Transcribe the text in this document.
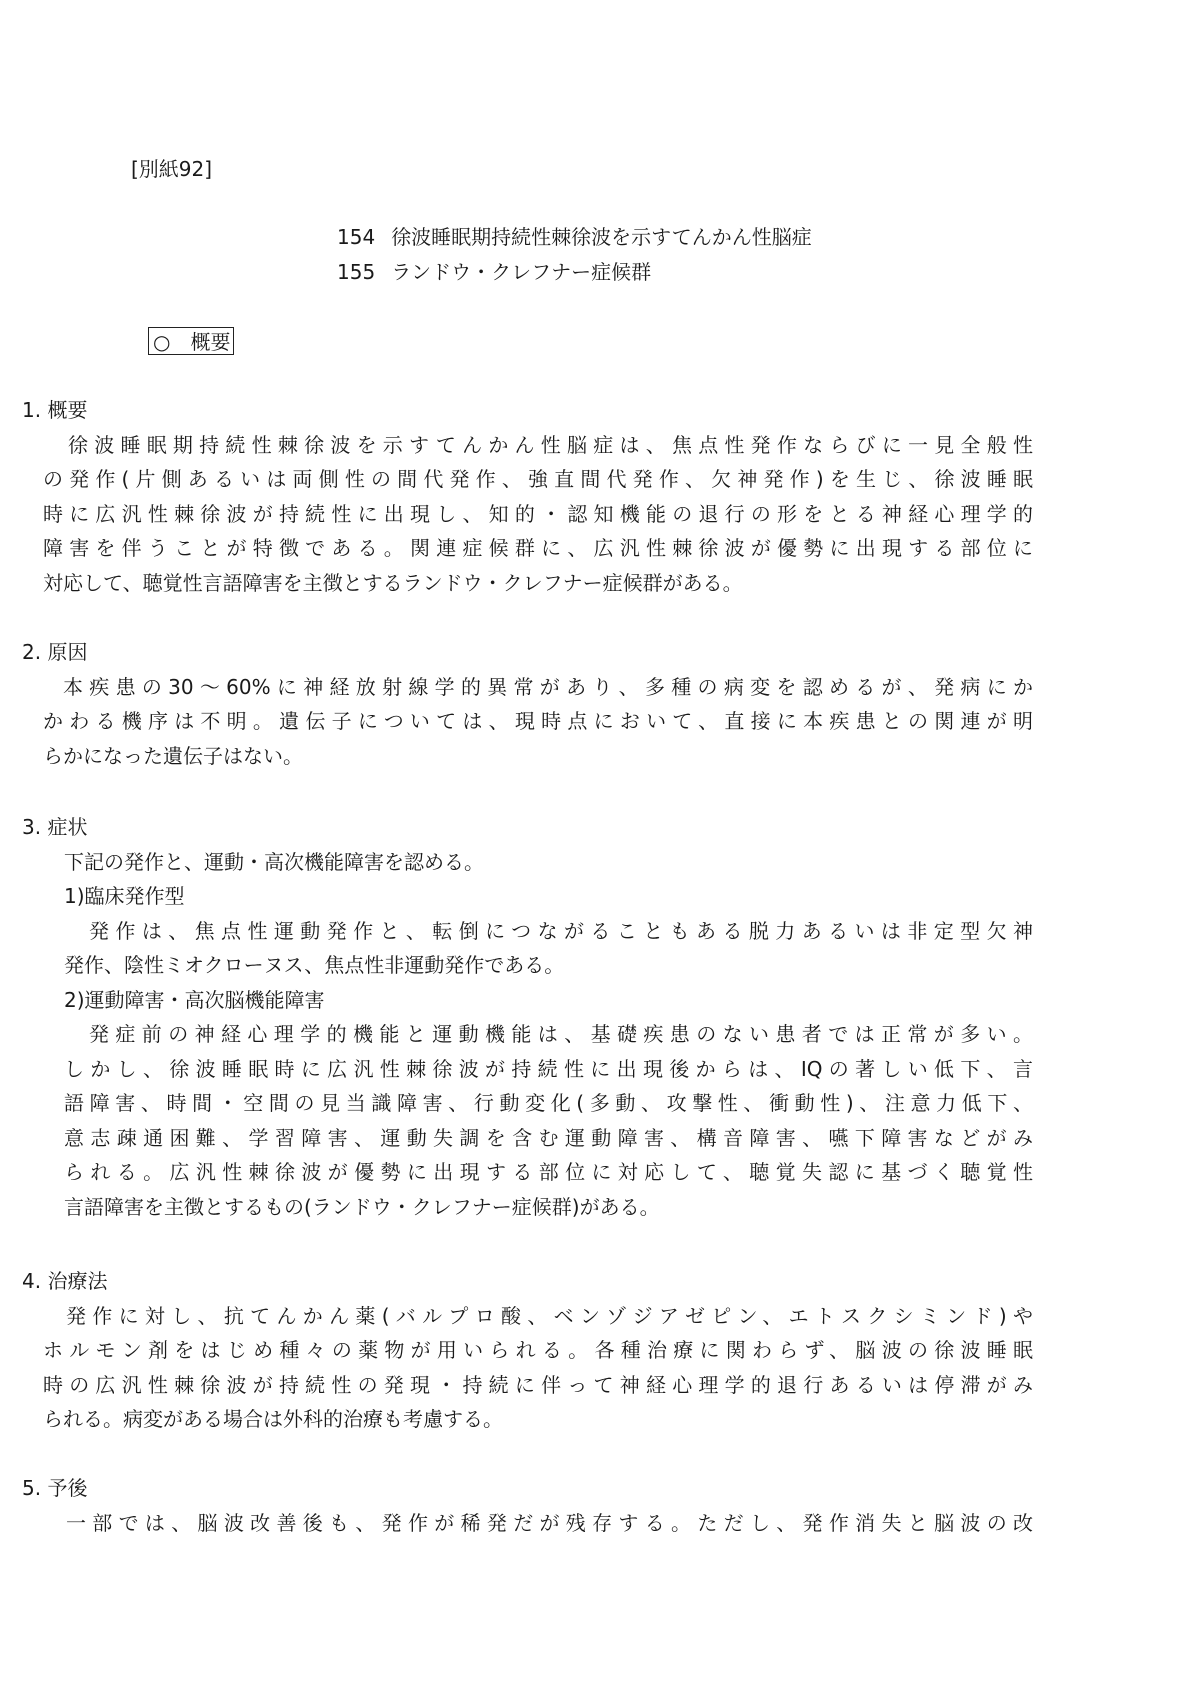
[別紙92]
154 徐波睡眠期持続性棘徐波を示すてんかん性脳症
155 ランドウ・クレフナー症候群
○　概要
1. 概要
徐波睡眠期持続性棘徐波を示すてんかん性脳症は、焦点性発作ならびに一見全般性
の発作(片側あるいは両側性の間代発作、強直間代発作、欠神発作)を生じ、徐波睡眠
時に広汎性棘徐波が持続性に出現し、知的・認知機能の退行の形をとる神経心理学的
障害を伴うことが特徴である。関連症候群に、広汎性棘徐波が優勢に出現する部位に
対応して、聴覚性言語障害を主徴とするランドウ・クレフナー症候群がある。
2. 原因
本疾患の30～60%に神経放射線学的異常があり、多種の病変を認めるが、発病にか
かわる機序は不明。遺伝子については、現時点において、直接に本疾患との関連が明
らかになった遺伝子はない。
3. 症状
下記の発作と、運動・高次機能障害を認める。
1)臨床発作型
発作は、焦点性運動発作と、転倒につながることもある脱力あるいは非定型欠神
発作、陰性ミオクローヌス、焦点性非運動発作である。
2)運動障害・高次脳機能障害
発症前の神経心理学的機能と運動機能は、基礎疾患のない患者では正常が多い。
しかし、徐波睡眠時に広汎性棘徐波が持続性に出現後からは、IQの著しい低下、言
語障害、時間・空間の見当識障害、行動変化(多動、攻撃性、衝動性)、注意力低下、
意志疎通困難、学習障害、運動失調を含む運動障害、構音障害、嚥下障害などがみ
られる。広汎性棘徐波が優勢に出現する部位に対応して、聴覚失認に基づく聴覚性
言語障害を主徴とするもの(ランドウ・クレフナー症候群)がある。
4. 治療法
発作に対し、抗てんかん薬(バルプロ酸、ベンゾジアゼピン、エトスクシミンド)や
ホルモン剤をはじめ種々の薬物が用いられる。各種治療に関わらず、脳波の徐波睡眠
時の広汎性棘徐波が持続性の発現・持続に伴って神経心理学的退行あるいは停滞がみ
られる。病変がある場合は外科的治療も考慮する。
5. 予後
一部では、脳波改善後も、発作が稀発だが残存する。ただし、発作消失と脳波の改
